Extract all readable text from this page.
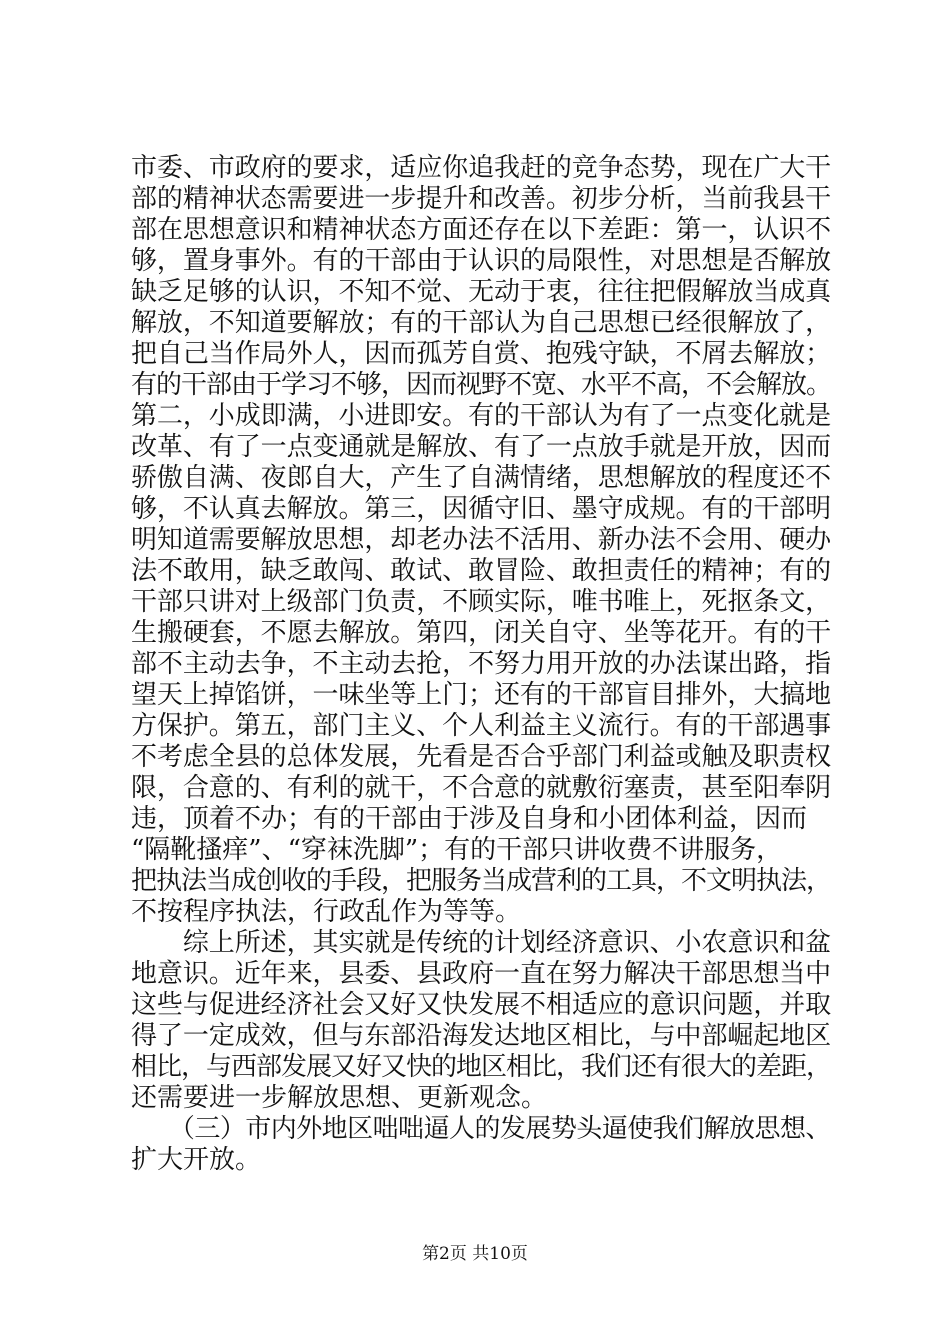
市委、市政府的要求，适应你追我赶的竞争态势，现在广大干
部的精神状态需要进一步提升和改善。初步分析，当前我县干
部在思想意识和精神状态方面还存在以下差距：第一，认识不
够，置身事外。有的干部由于认识的局限性，对思想是否解放
缺乏足够的认识，不知不觉、无动于衷，往往把假解放当成真
解放，不知道要解放；有的干部认为自己思想已经很解放了，
把自己当作局外人，因而孤芳自赏、抱残守缺，不屑去解放；
有的干部由于学习不够，因而视野不宽、水平不高，不会解放。
第二，小成即满，小进即安。有的干部认为有了一点变化就是
改革、有了一点变通就是解放、有了一点放手就是开放，因而
骄傲自满、夜郎自大，产生了自满情绪，思想解放的程度还不
够，不认真去解放。第三，因循守旧、墨守成规。有的干部明
明知道需要解放思想，却老办法不活用、新办法不会用、硬办
法不敢用，缺乏敢闯、敢试、敢冒险、敢担责任的精神；有的
干部只讲对上级部门负责，不顾实际，唯书唯上，死抠条文，
生搬硬套，不愿去解放。第四，闭关自守、坐等花开。有的干
部不主动去争，不主动去抢，不努力用开放的办法谋出路，指
望天上掉馅饼，一味坐等上门；还有的干部盲目排外，大搞地
方保护。第五，部门主义、个人利益主义流行。有的干部遇事
不考虑全县的总体发展，先看是否合乎部门利益或触及职责权
限，合意的、有利的就干，不合意的就敷衍塞责，甚至阳奉阴
违，顶着不办；有的干部由于涉及自身和小团体利益，因而
“隔靴搔痒”、“穿袜洗脚”；有的干部只讲收费不讲服务，
把执法当成创收的手段，把服务当成营利的工具，不文明执法，
不按程序执法，行政乱作为等等。
　　综上所述，其实就是传统的计划经济意识、小农意识和盆
地意识。近年来，县委、县政府一直在努力解决干部思想当中
这些与促进经济社会又好又快发展不相适应的意识问题，并取
得了一定成效，但与东部沿海发达地区相比，与中部崛起地区
相比，与西部发展又好又快的地区相比，我们还有很大的差距，
还需要进一步解放思想、更新观念。
　　（三）市内外地区咄咄逼人的发展势头逼使我们解放思想、
扩大开放。
第2页 共10页
